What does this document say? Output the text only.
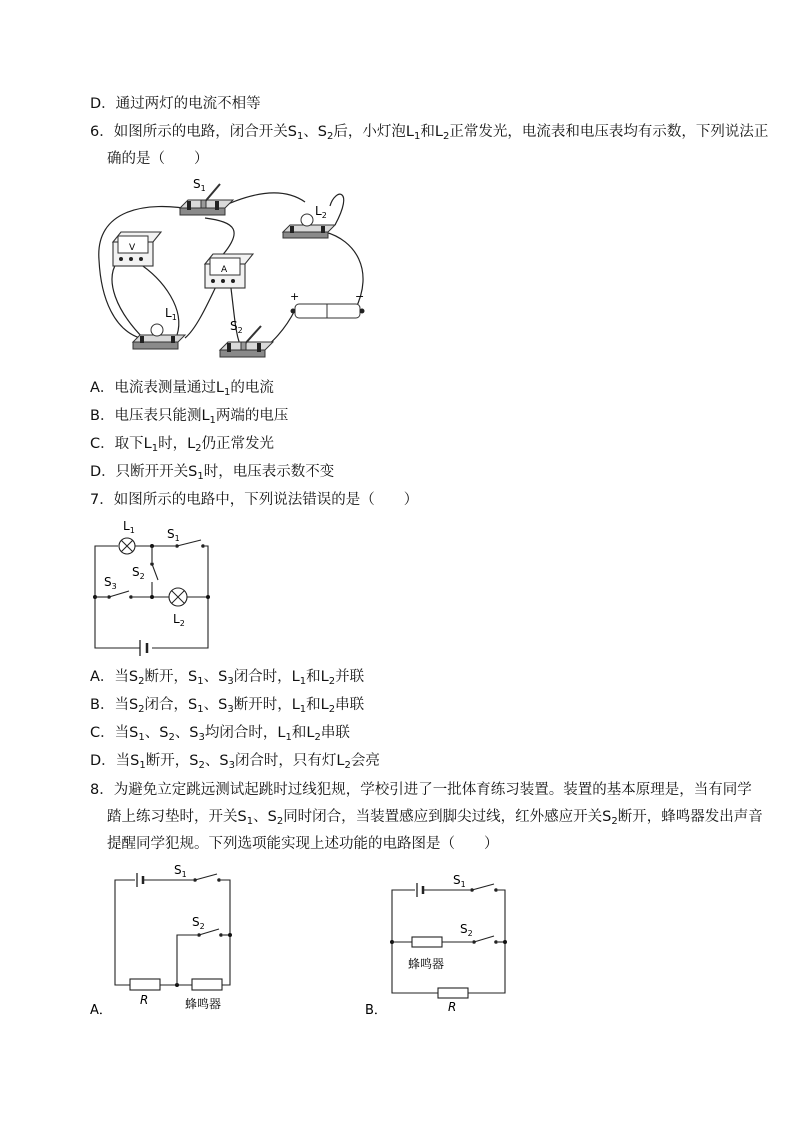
D．通过两灯的电流不相等
6．如图所示的电路，闭合开关$S_1$、$S_2$后，小灯泡$L_1$和$L_2$正常发光，电流表和电压表均有示数，下列说法正
确的是（　　）
$S_1$
V
A
$L_2$
+	−
$L_1$
$S_2$
A．电流表测量通过$L_1$的电流
B．电压表只能测$L_1$两端的电压
C．取下$L_1$时，$L_2$仍正常发光
D．只断开开关$S_1$时，电压表示数不变
7．如图所示的电路中，下列说法错误的是（　　）
$L_1$	$S_1$
$S_2$
$S_3$
$L_2$
A．当$S_2$断开，$S_1$、$S_3$闭合时，$L_1$和$L_2$并联
B．当$S_2$闭合，$S_1$、$S_3$断开时，$L_1$和$L_2$串联
C．当$S_1$、$S_2$、$S_3$均闭合时，$L_1$和$L_2$串联
D．当$S_1$断开，$S_2$、$S_3$闭合时，只有灯$L_2$会亮
8．为避免立定跳远测试起跳时过线犯规，学校引进了一批体育练习装置。装置的基本原理是，当有同学
踏上练习垫时，开关$S_1$、$S_2$同时闭合，当装置感应到脚尖过线，红外感应开关$S_2$断开，蜂鸣器发出声音
提醒同学犯规。下列选项能实现上述功能的电路图是（　　）
A．
$S_1$
R	蜂鸣器
$S_2$
B．
$S_1$
蜂鸣器
$S_2$
R
